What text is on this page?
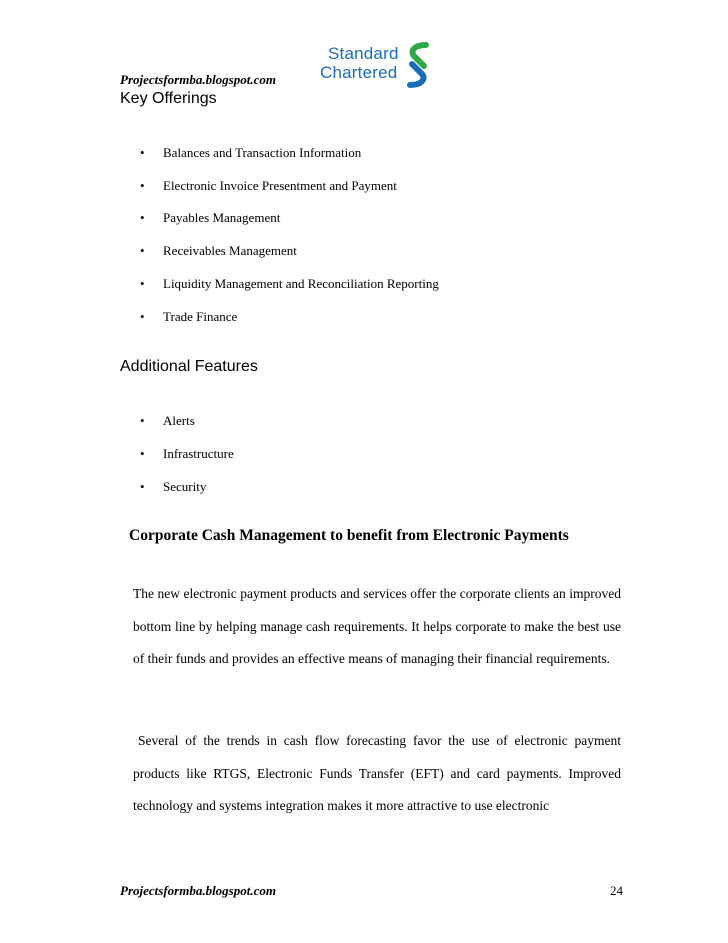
Projectsformba.blogspot.com
Standard
Chartered
Key Offerings
• Balances and Transaction Information
• Electronic Invoice Presentment and Payment
• Payables Management
• Receivables Management
• Liquidity Management and Reconciliation Reporting
• Trade Finance
Additional Features
• Alerts
• Infrastructure
• Security
Corporate Cash Management to benefit from Electronic Payments

The new electronic payment products and services offer the corporate clients an improved bottom line by helping manage cash requirements. It helps corporate to make the best use of their funds and provides an effective means of managing their financial requirements.

Several of the trends in cash flow forecasting favor the use of electronic payment products like RTGS, Electronic Funds Transfer (EFT) and card payments. Improved technology and systems integration makes it more attractive to use electronic

Projectsformba.blogspot.com	24
